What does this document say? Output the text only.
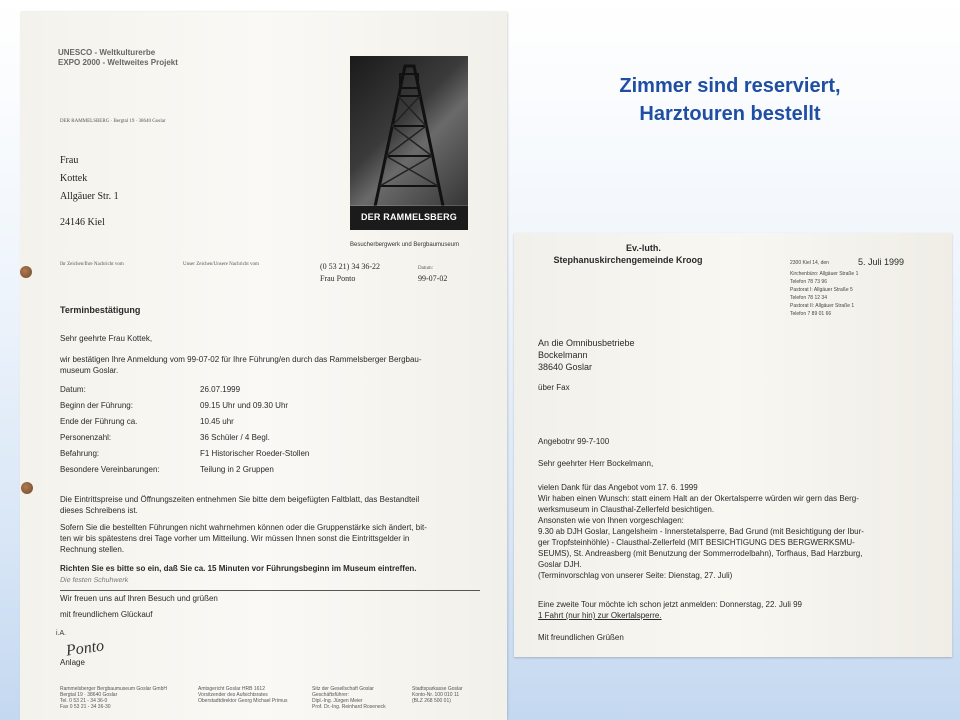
Zimmer sind reserviert,
Harztouren bestellt
UNESCO - Weltkulturerbe
EXPO 2000 - Weltweites Projekt
DER RAMMELSBERG · Bergtal 19 · 38640 Goslar
Frau
Kottek
Allgäuer Str. 1
24146 Kiel	DER RAMMELSBERG
Besucherbergwerk und Bergbaumuseum
Ihr Zeichen/Ihre Nachricht vom	Unser Zeichen/Unsere Nachricht vom	(0 53 21) 34 36-22
Frau Ponto
Datum:
99-07-02
Terminbestätigung
Sehr geehrte Frau Kottek,
wir bestätigen Ihre Anmeldung vom 99-07-02 für Ihre Führung/en durch das Rammelsberger Bergbau-
museum Goslar.
Datum:	26.07.1999
Beginn der Führung:	09.15 Uhr und 09.30 Uhr
Ende der Führung ca.	10.45 uhr
Personenzahl:	36 Schüler / 4 Begl.
Befahrung:	F1 Historischer Roeder-Stollen
Besondere Vereinbarungen:	Teilung in 2 Gruppen
Die Eintrittspreise und Öffnungszeiten entnehmen Sie bitte dem beigefügten Faltblatt, das Bestandteil
dieses Schreibens ist.
Sofern Sie die bestellten Führungen nicht wahrnehmen können oder die Gruppenstärke sich ändert, bit-
ten wir bis spätestens drei Tage vorher um Mitteilung. Wir müssen Ihnen sonst die Eintrittsgelder in
Rechnung stellen.
Richten Sie es bitte so ein, daß Sie ca. 15 Minuten vor Führungsbeginn im Museum eintreffen.
Die festen Schuhwerk
Wir freuen uns auf Ihren Besuch und grüßen
mit freundlichem Glückauf
i.A.
Ponto
Anlage
Rammelsberger Bergbaumuseum Goslar GmbH
Bergtal 19 · 38640 Goslar
Tel. 0 53 21 - 34 36-0
Fax 0 53 21 - 34 36-30
Amtsgericht Goslar HRB 1612
Vorsitzender des Aufsichtsrates
Oberstadtdirektor Georg Michael Primus
Sitz der Gesellschaft Goslar
Geschäftsführer:
Dipl.-Ing. Jürgen Meier
Prof. Dr.-Ing. Reinhard Roseneck
Stadtsparkasse Goslar
Konto-Nr. 100 010 11
(BLZ 268 500 01)
Ev.-luth.
Stephanuskirchengemeinde Kroog	2300 Kiel 14, den	5. Juli 1999
Kirchenbüro: Allgäuer Straße 1
Telefon 78 73 96
Pastorat I: Allgäuer Straße 5
Telefon 78 12 34
Pastorat II: Allgäuer Straße 1
Telefon 7 89 01 66
An die Omnibusbetriebe
Bockelmann
38640 Goslar
über Fax
Angebotnr 99-7-100
Sehr geehrter Herr Bockelmann,
vielen Dank für das Angebot vom 17. 6. 1999
Wir haben einen Wunsch: statt einem Halt an der Okertalsperre würden wir gern das Berg-
werksmuseum in Clausthal-Zellerfeld besichtigen.
Ansonsten wie von Ihnen vorgeschlagen:
9.30 ab DJH Goslar, Langelsheim - Innerstetalsperre, Bad Grund (mit Besichtigung der Ibur-
ger Tropfsteinhöhle) - Clausthal-Zellerfeld (MIT BESICHTIGUNG DES BERGWERKSMU-
SEUMS), St. Andreasberg (mit Benutzung der Sommerrodelbahn), Torfhaus, Bad Harzburg,
Goslar DJH.
(Terminvorschlag von unserer Seite: Dienstag, 27. Juli)
Eine zweite Tour möchte ich schon jetzt anmelden: Donnerstag, 22. Juli 99
1 Fahrt (nur hin) zur Okertalsperre.
Mit freundlichen Grüßen
